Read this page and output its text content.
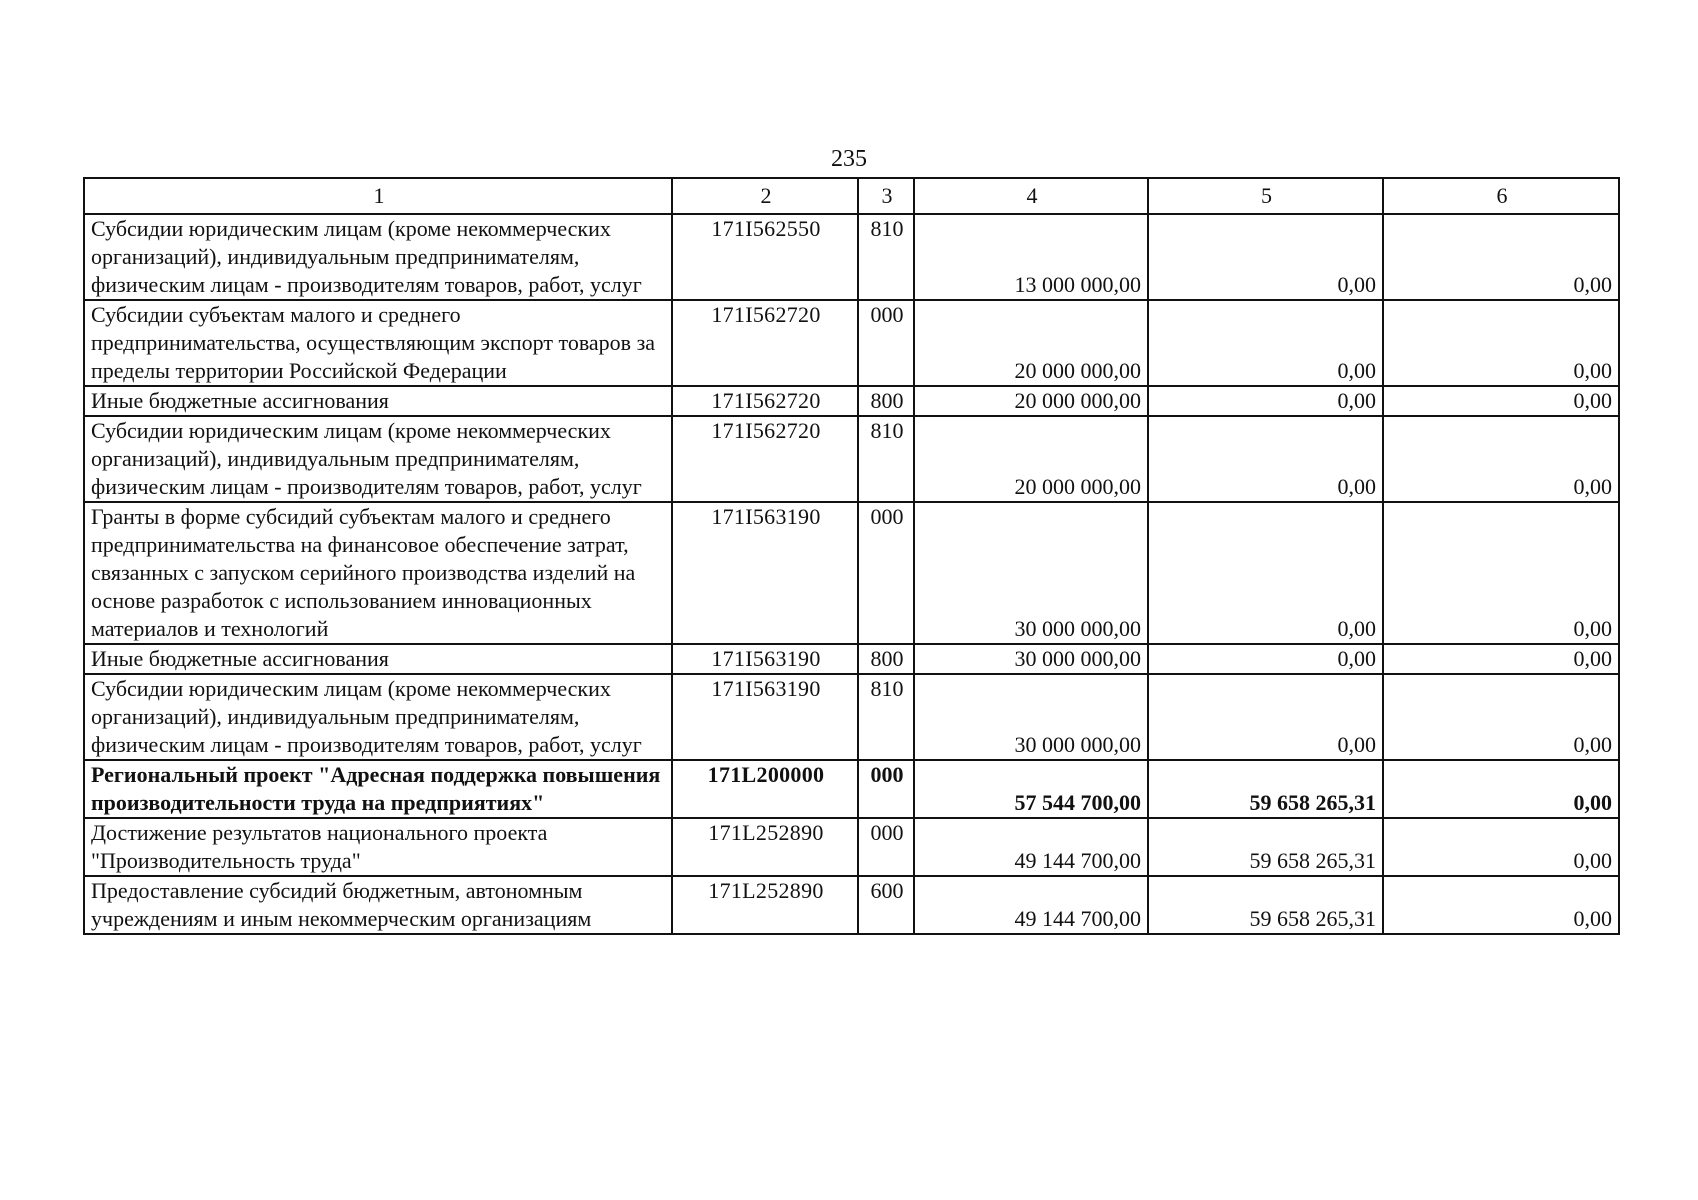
235
1	2	3	4	5	6
Субсидии юридическим лицам (кроме некоммерческих организаций), индивидуальным предпринимателям, физическим лицам - производителям товаров, работ, услуг	171I562550	810	13 000 000,00	0,00	0,00
Субсидии субъектам малого и среднего предпринимательства, осуществляющим экспорт товаров за пределы территории Российской Федерации	171I562720	000	20 000 000,00	0,00	0,00
Иные бюджетные ассигнования	171I562720	800	20 000 000,00	0,00	0,00
Субсидии юридическим лицам (кроме некоммерческих организаций), индивидуальным предпринимателям, физическим лицам - производителям товаров, работ, услуг	171I562720	810	20 000 000,00	0,00	0,00
Гранты в форме субсидий субъектам малого и среднего предпринимательства на финансовое обеспечение затрат, связанных с запуском серийного производства изделий на основе разработок с использованием инновационных материалов и технологий	171I563190	000	30 000 000,00	0,00	0,00
Иные бюджетные ассигнования	171I563190	800	30 000 000,00	0,00	0,00
Субсидии юридическим лицам (кроме некоммерческих организаций), индивидуальным предпринимателям, физическим лицам - производителям товаров, работ, услуг	171I563190	810	30 000 000,00	0,00	0,00
Региональный проект "Адресная поддержка повышения производительности труда на предприятиях"	171L200000	000	57 544 700,00	59 658 265,31	0,00
Достижение результатов национального проекта "Производительность труда"	171L252890	000	49 144 700,00	59 658 265,31	0,00
Предоставление субсидий бюджетным, автономным учреждениям и иным некоммерческим организациям	171L252890	600	49 144 700,00	59 658 265,31	0,00
